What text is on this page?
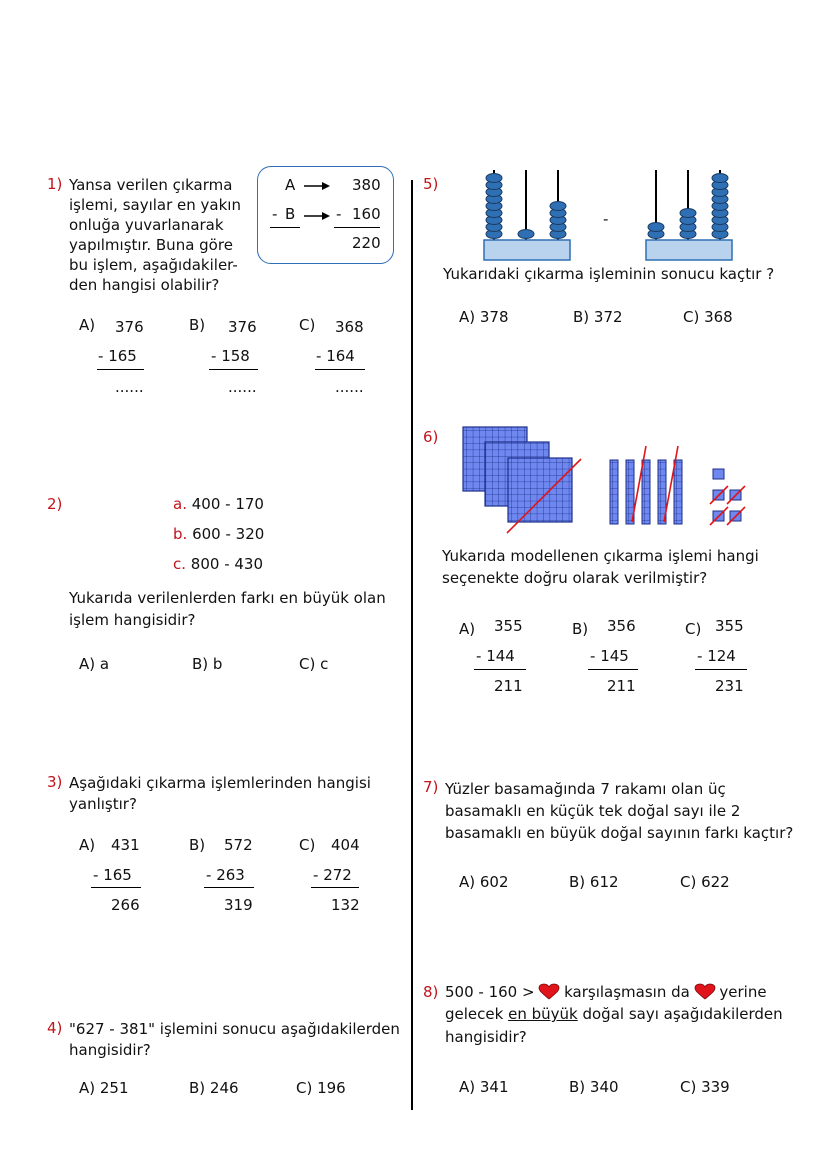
1) Yansa verilen çıkarma
işlemi, sayılar en yakın
onluğa yuvarlanarak
yapılmıştır. Buna göre
bu işlem, aşağıdakiler-
den hangisi olabilir?
A	380
- B	- 160
220
A) 376
- 165
......
B) 376
- 158
......
C) 368
- 164
......
2)	a. 400 - 170
b. 600 - 320
c. 800 - 430
Yukarıda verilenlerden farkı en büyük olan
işlem hangisidir?
A) a	B) b	C) c
3) Aşağıdaki çıkarma işlemlerinden hangisi
yanlıştır?
A) 431
- 165
266
B) 572
- 263
319
C) 404
- 272
132
4) "627 - 381" işlemini sonucu aşağıdakilerden
hangisidir?
A) 251	B) 246	C) 196
5)
-
Yukarıdaki çıkarma işleminin sonucu kaçtır ?
A) 378	B) 372	C) 368
6)
Yukarıda modellenen çıkarma işlemi hangi
seçenekte doğru olarak verilmiştir?
A) 355
- 144
211
B) 356
- 145
211
C) 355
- 124
231
7) Yüzler basamağında 7 rakamı olan üç
basamaklı en küçük tek doğal sayı ile 2
basamaklı en büyük doğal sayının farkı kaçtır?
A) 602	B) 612	C) 622
8) 500 - 160 > karşılaşmasın da yerine
gelecek en büyük doğal sayı aşağıdakilerden
hangisidir?
A) 341	B) 340	C) 339
